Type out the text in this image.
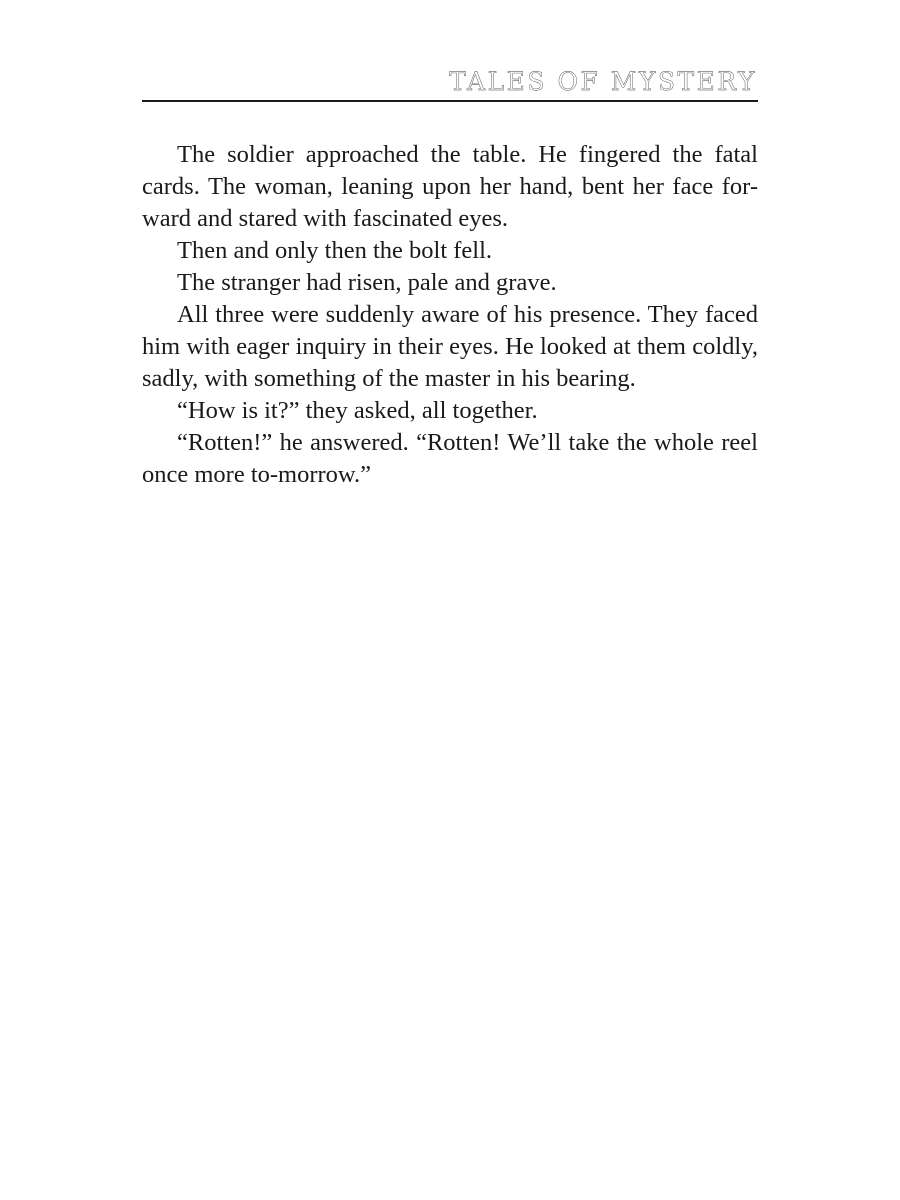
TALES OF MYSTERY
The soldier approached the table. He fingered the fatal
cards. The woman, leaning upon her hand, bent her face for-
ward and stared with fascinated eyes.
Then and only then the bolt fell.
The stranger had risen, pale and grave.
All three were suddenly aware of his presence. They faced
him with eager inquiry in their eyes. He looked at them coldly,
sadly, with something of the master in his bearing.
“How is it?” they asked, all together.
“Rotten!” he answered. “Rotten! We’ll take the whole reel
once more to-morrow.”
